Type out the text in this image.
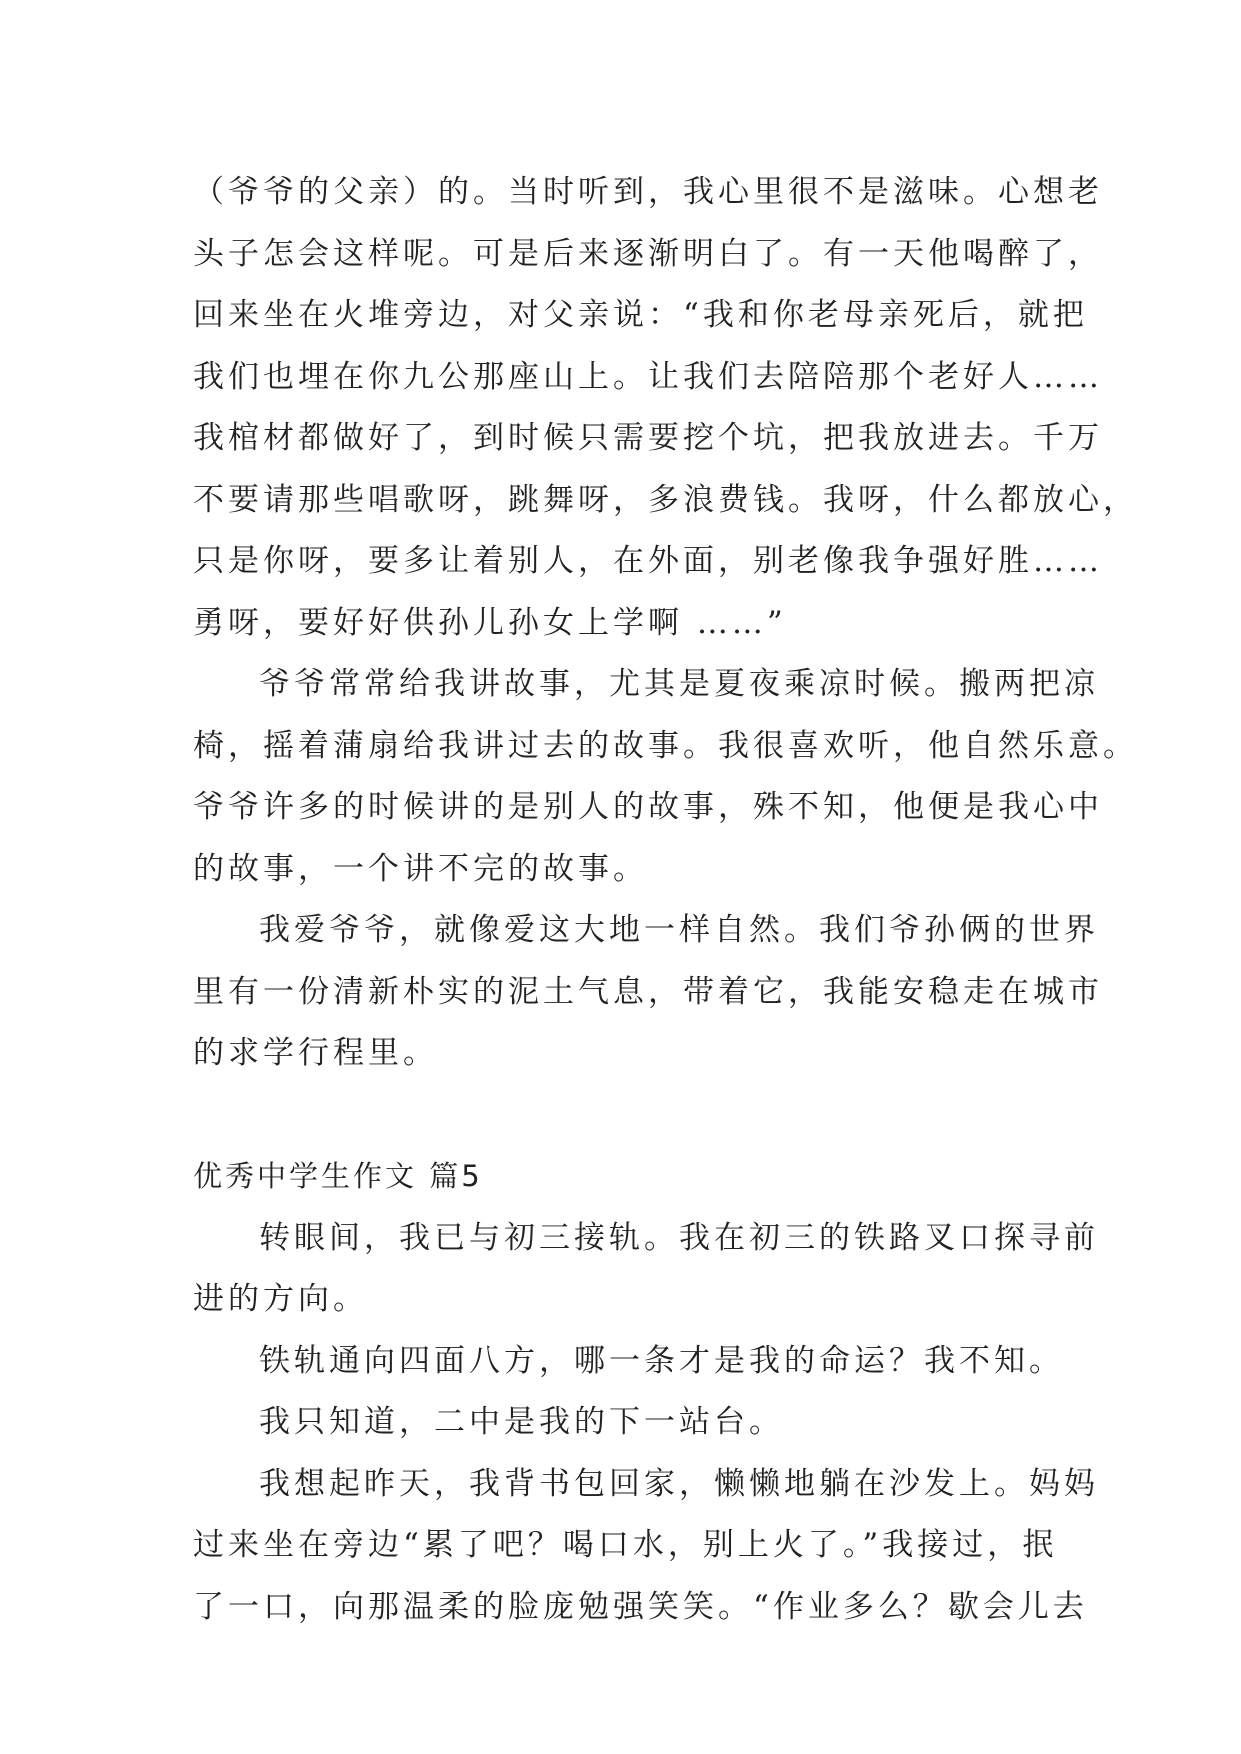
（爷爷的父亲）的。当时听到，我心里很不是滋味。心想老
头子怎会这样呢。可是后来逐渐明白了。有一天他喝醉了，
回来坐在火堆旁边，对父亲说：“我和你老母亲死后，就把
我们也埋在你九公那座山上。让我们去陪陪那个老好人……
我棺材都做好了，到时候只需要挖个坑，把我放进去。千万
不要请那些唱歌呀，跳舞呀，多浪费钱。我呀，什么都放心，
只是你呀，要多让着别人，在外面，别老像我争强好胜……
勇呀，要好好供孙儿孙女上学啊 ……”
爷爷常常给我讲故事，尤其是夏夜乘凉时候。搬两把凉
椅，摇着蒲扇给我讲过去的故事。我很喜欢听，他自然乐意。
爷爷许多的时候讲的是别人的故事，殊不知，他便是我心中
的故事，一个讲不完的故事。
我爱爷爷，就像爱这大地一样自然。我们爷孙俩的世界
里有一份清新朴实的泥土气息，带着它，我能安稳走在城市
的求学行程里。
优秀中学生作文 篇5
转眼间，我已与初三接轨。我在初三的铁路叉口探寻前
进的方向。
铁轨通向四面八方，哪一条才是我的命运？我不知。
我只知道，二中是我的下一站台。
我想起昨天，我背书包回家，懒懒地躺在沙发上。妈妈
过来坐在旁边“累了吧？喝口水，别上火了。”我接过，抿
了一口，向那温柔的脸庞勉强笑笑。“作业多么？歇会儿去
